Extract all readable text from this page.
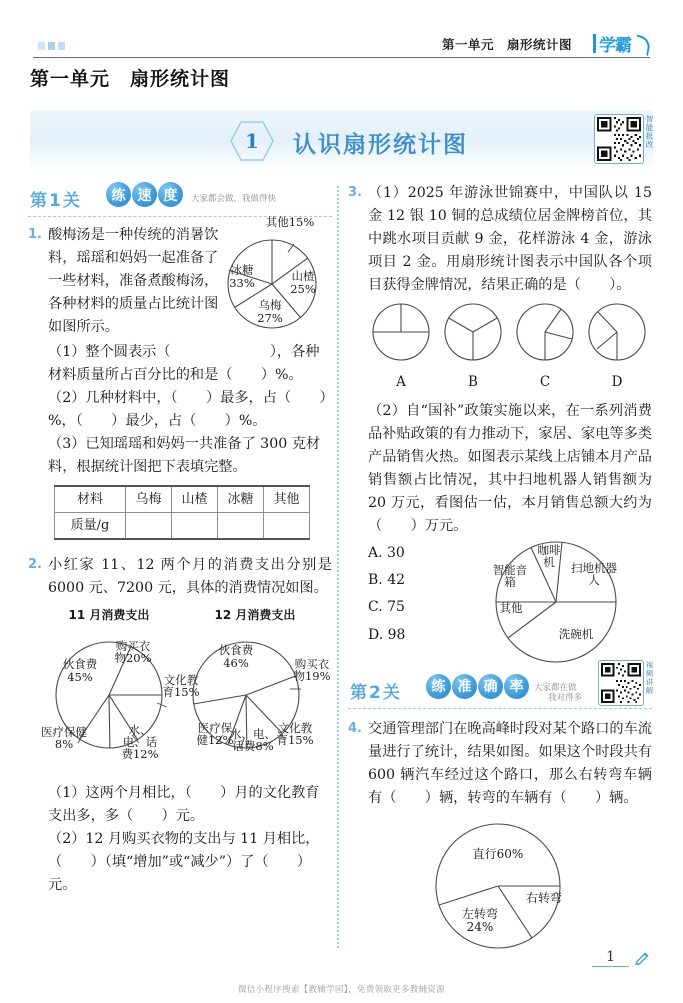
第一单元　扇形统计图 学霸
第一单元　扇形统计图
1	认识扇形统计图	智能批改
视频讲解
第1关	练 速 度	大家都会做，我做得快
1. 酸梅汤是一种传统的消暑饮料，瑶瑶和妈妈一起准备了一些材料，准备煮酸梅汤，各种材料的质量占比统计图如图所示。

其他15%
冰糖33%	山楂25%
乌梅27%

（1）整个圆表示（　　　　　　　），各种材料质量所占百分比的和是（　　）%。

（2）几种材料中，（　　）最多，占（　　）%，（　　）最少，占（　　）%。

（3）已知瑶瑶和妈妈一共准备了 300 克材料，根据统计图把下表填完整。

材料	乌梅	山楂	冰糖	其他
质量/g				
2. 小红家 11、12 两个月的消费支出分别是 6000 元、7200 元，具体的消费情况如图。

11 月消费支出
伙食费45%
购买衣物20%
文化教育15%
水、电、话费12%
医疗保健8%
12 月消费支出
伙食费46%	购买衣物19%
文化教育15%
医疗保健12%
水、电、话费8%

（1）这两个月相比，（　　）月的文化教育支出多，多（　　）元。

（2）12 月购买衣物的支出与 11 月相比，（　　）（填“增加”或“减少”）了（　　）元。

3. （1）2025 年游泳世锦赛中，中国队以 15 金 12 银 10 铜的总成绩位居金牌榜首位，其中跳水项目贡献 9 金，花样游泳 4 金，游泳项目 2 金。用扇形统计图表示中国队各个项目获得金牌情况，结果正确的是（　　）。

A	B	C	D

（2）自“国补”政策实施以来，在一系列消费品补贴政策的有力推动下，家居、家电等多类产品销售火热。如图表示某线上店铺本月产品销售额占比情况，其中扫地机器人销售额为 20 万元，看图估一估，本月销售总额大约为（　　）万元。

A. 30
B. 42
C. 75
D. 98
咖啡机	扫地机器人
智能音箱
其他
洗碗机
第2关	练 准 确 率	大家都在做
我对得多
4. 交通管理部门在晚高峰时段对某个路口的车流量进行了统计，结果如图。如果这个时段共有 600 辆汽车经过这个路口，那么右转弯车辆有（　　）辆，转弯的车辆有（　　）辆。

直行60%
右转弯
左转弯24%
1
微信小程序搜索【教辅学园】，免费领取更多教辅资源
